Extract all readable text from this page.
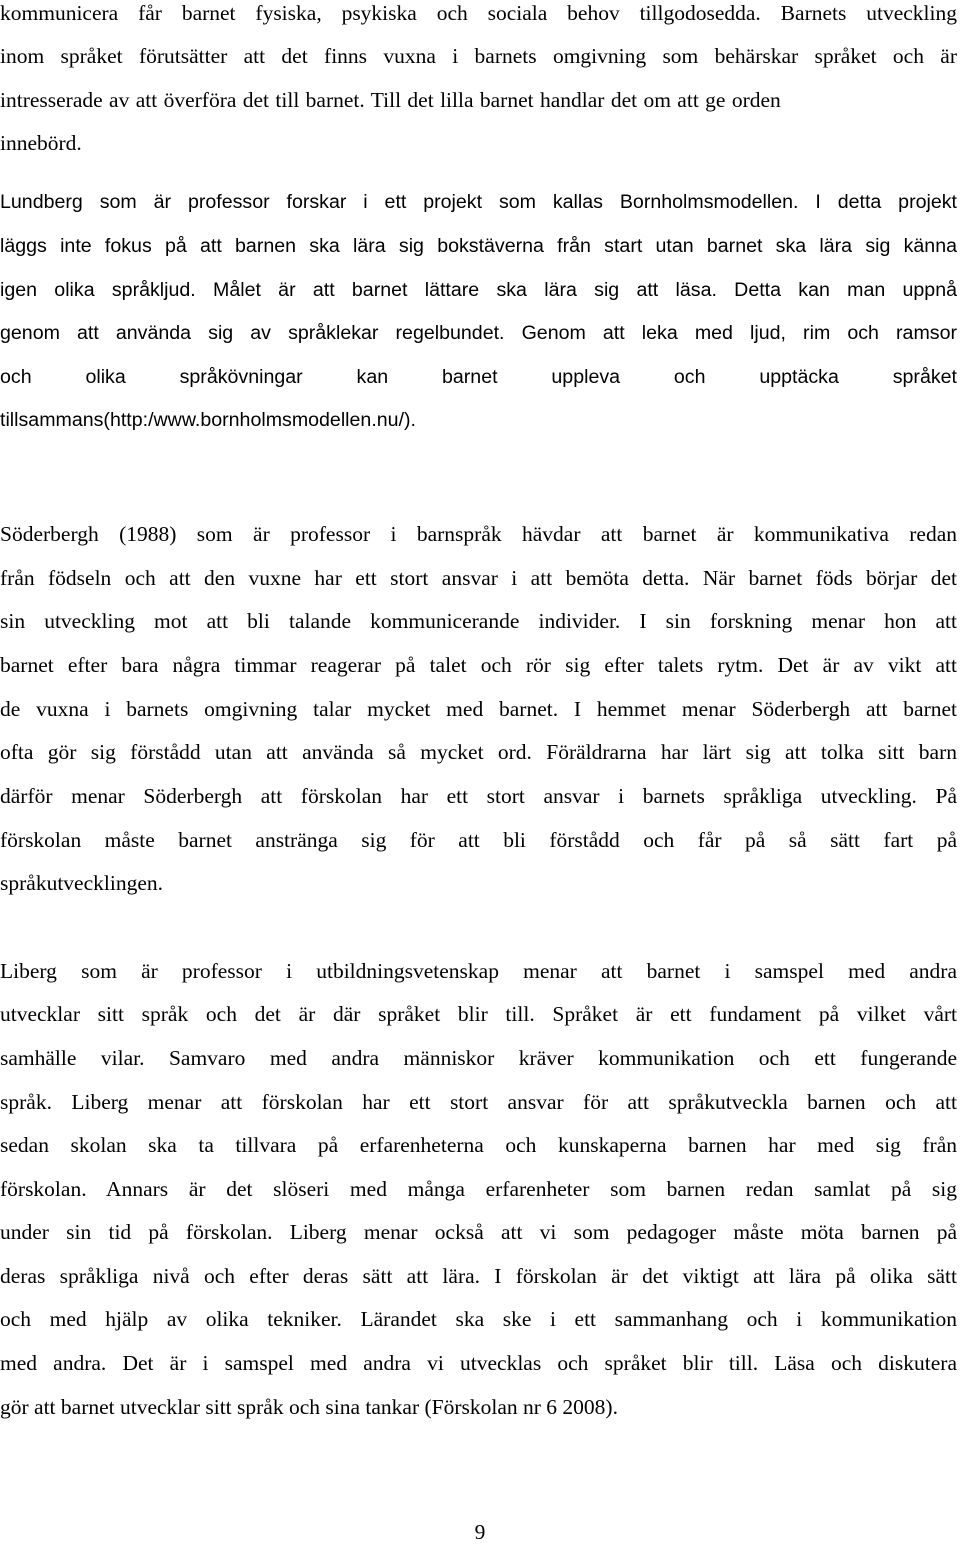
kommunicera får barnet fysiska, psykiska och sociala behov tillgodosedda. Barnets utveckling
inom språket förutsätter att det finns vuxna i barnets omgivning som behärskar språket och är
intresserade av att överföra det till barnet. Till det lilla barnet handlar det om att ge orden
innebörd.
Lundberg som är professor forskar i ett projekt som kallas Bornholmsmodellen. I detta projekt
läggs inte fokus på att barnen ska lära sig bokstäverna från start utan barnet ska lära sig känna
igen olika språkljud. Målet är att barnet lättare ska lära sig att läsa. Detta kan man uppnå
genom att använda sig av språklekar regelbundet. Genom att leka med ljud, rim och ramsor
och olika språkövningar kan barnet uppleva och upptäcka språket
tillsammans(http:/www.bornholmsmodellen.nu/).
Söderbergh (1988) som är professor i barnspråk hävdar att barnet är kommunikativa redan
från födseln och att den vuxne har ett stort ansvar i att bemöta detta. När barnet föds börjar det
sin utveckling mot att bli talande kommunicerande individer. I sin forskning menar hon att
barnet efter bara några timmar reagerar på talet och rör sig efter talets rytm. Det är av vikt att
de vuxna i barnets omgivning talar mycket med barnet. I hemmet menar Söderbergh att barnet
ofta gör sig förstådd utan att använda så mycket ord. Föräldrarna har lärt sig att tolka sitt barn
därför menar Söderbergh att förskolan har ett stort ansvar i barnets språkliga utveckling. På
förskolan måste barnet anstränga sig för att bli förstådd och får på så sätt fart på
språkutvecklingen.
Liberg som är professor i utbildningsvetenskap menar att barnet i samspel med andra
utvecklar sitt språk och det är där språket blir till. Språket är ett fundament på vilket vårt
samhälle vilar. Samvaro med andra människor kräver kommunikation och ett fungerande
språk. Liberg menar att förskolan har ett stort ansvar för att språkutveckla barnen och att
sedan skolan ska ta tillvara på erfarenheterna och kunskaperna barnen har med sig från
förskolan. Annars är det slöseri med många erfarenheter som barnen redan samlat på sig
under sin tid på förskolan. Liberg menar också att vi som pedagoger måste möta barnen på
deras språkliga nivå och efter deras sätt att lära. I förskolan är det viktigt att lära på olika sätt
och med hjälp av olika tekniker. Lärandet ska ske i ett sammanhang och i kommunikation
med andra. Det är i samspel med andra vi utvecklas och språket blir till. Läsa och diskutera
gör att barnet utvecklar sitt språk och sina tankar (Förskolan nr 6 2008).
9
